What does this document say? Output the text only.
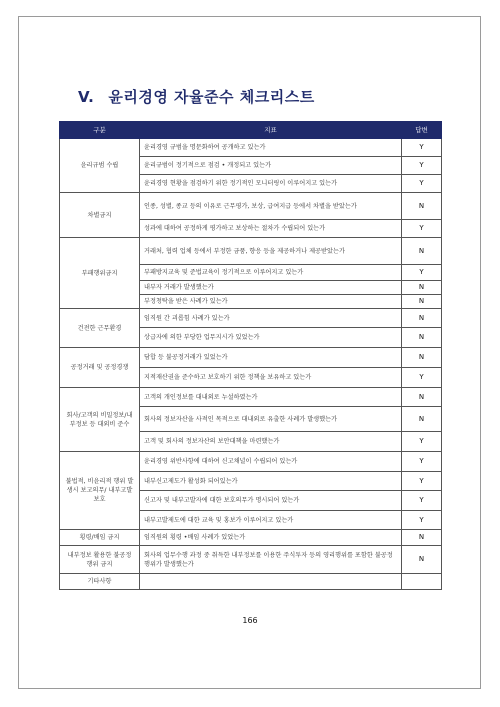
V. 윤리경영 자율준수 체크리스트
구분	지표	답변
윤리규범 수립	윤리경영 규범을 명문화하여 공개하고 있는가	Y
	윤리규범이 정기적으로 점검 • 개정되고 있는가	Y
	윤리경영 현황을 점검하기 위한 정기적인 모니터링이 이루어지고 있는가	Y
차별금지	인종, 성별, 종교 등의 이유로 근무평가, 보상, 급여지급 등에서 차별을 받았는가	N
	성과에 대하여 공정하게 평가하고 보상하는 절차가 수립되어 있는가	Y
부패행위금지	거래처, 협력 업체 등에서 부정한 금품, 향응 등을 제공하거나 제공받았는가	N
	부패방지교육 및 준법교육이 정기적으로 이루어지고 있는가	Y
	내부자 거래가 발생했는가	N
	부정청탁을 받은 사례가 있는가	N
건전한 근무환경	임직원 간 괴롭힘 사례가 있는가	N
	상급자에 의한 부당한 업무지시가 있었는가	N
공정거래 및 공정경쟁	담합 등 불공정거래가 있었는가	N
	지적재산권을 준수하고 보호하기 위한 정책을 보유하고 있는가	Y
회사/고객의 비밀정보/내부정보 등 대외비 준수	고객의 개인정보를 대내외로 누설하였는가	N
	회사의 정보자산을 사적인 목적으로 대내외로 유출한 사례가 발생했는가	N
	고객 및 회사의 정보자산의 보안대책을 마련했는가	Y
불법적, 비윤리적 행위 발생시 보고의무/ 내부고발 보호	윤리경영 위반사항에 대하여 신고채널이 수립되어 있는가	Y
	내부신고제도가 활성화 되어있는가	Y
	신고자 및 내부고발자에 대한 보호의무가 명시되어 있는가	Y
	내부고발제도에 대한 교육 및 홍보가 이루어지고 있는가	Y
횡령/배임 금지	임직원의 횡령 •배임 사례가 있었는가	N
내부정보 활용한 불공정 행위 금지	회사의 업무수행 과정 중 취득한 내부정보를 이용한 주식투자 등의 영리행위를 포함한 불공정행위가 발생했는가	N
기타사항		
166
